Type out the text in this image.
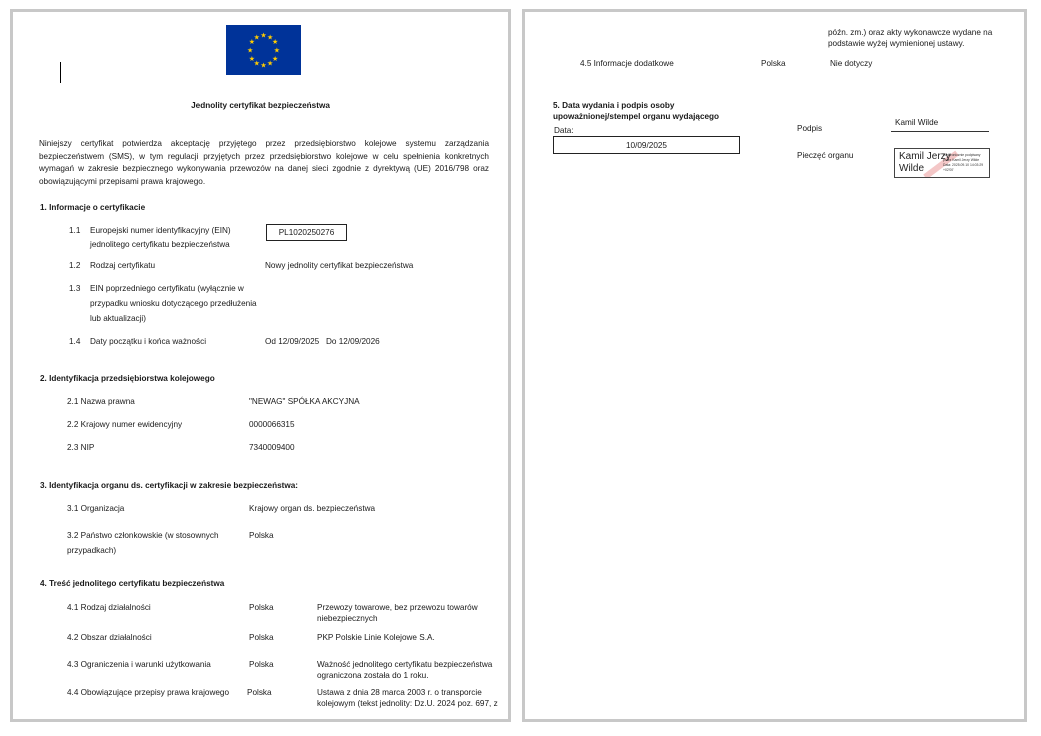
★ ★
★
★
★
★
★
★
★
★
★
★
Jednolity certyfikat bezpieczeństwa
Niniejszy certyfikat potwierdza akceptację przyjętego przez przedsiębiorstwo kolejowe systemu zarządzania bezpieczeństwem (SMS), w tym regulacji przyjętych przez przedsiębiorstwo kolejowe w celu spełnienia konkretnych wymagań w zakresie bezpiecznego wykonywania przewozów na danej sieci zgodnie z dyrektywą (UE) 2016/798 oraz obowiązującymi przepisami prawa krajowego.
1. Informacje o certyfikacie
1.1 Europejski numer identyfikacyjny (EIN)
jednolitego certyfikatu bezpieczeństwa
PL1020250276
1.2 Rodzaj certyfikatu	Nowy jednolity certyfikat bezpieczeństwa
1.3 EIN poprzedniego certyfikatu (wyłącznie w
przypadku wniosku dotyczącego przedłużenia
lub aktualizacji)
1.4 Daty początku i końca ważności	Od 12/09/2025   Do 12/09/2026
2. Identyfikacja przedsiębiorstwa kolejowego
2.1 Nazwa prawna	"NEWAG" SPÓŁKA AKCYJNA
2.2 Krajowy numer ewidencyjny	0000066315
2.3 NIP	7340009400
3. Identyfikacja organu ds. certyfikacji w zakresie bezpieczeństwa:
3.1 Organizacja	Krajowy organ ds. bezpieczeństwa
3.2 Państwo członkowskie (w stosownych
przypadkach)
Polska
4. Treść jednolitego certyfikatu bezpieczeństwa
4.1 Rodzaj działalności	Polska	Przewozy towarowe, bez przewozu towarów
niebezpiecznych
4.2 Obszar działalności	Polska	PKP Polskie Linie Kolejowe S.A.
4.3 Ograniczenia i warunki użytkowania	Polska	Ważność jednolitego certyfikatu bezpieczeństwa
ograniczona została do 1 roku.
4.4 Obowiązujące przepisy prawa krajowego Polska	Ustawa z dnia 28 marca 2003 r. o transporcie
kolejowym (tekst jednolity: Dz.U. 2024 poz. 697, z
późn. zm.) oraz akty wykonawcze wydane na
podstawie wyżej wymienionej ustawy.
4.5 Informacje dodatkowe	Polska	Nie dotyczy
5. Data wydania i podpis osoby
upoważnionej/stempel organu wydającego
Data:
10/09/2025
Podpis
Kamil Wilde
Pieczęć organu	Kamil Jerzy
Wilde
Elektronicznie podpisany
przez Kamil Jerzy Wilde
Data: 2025.09.10 14:03:29
+02'00'
